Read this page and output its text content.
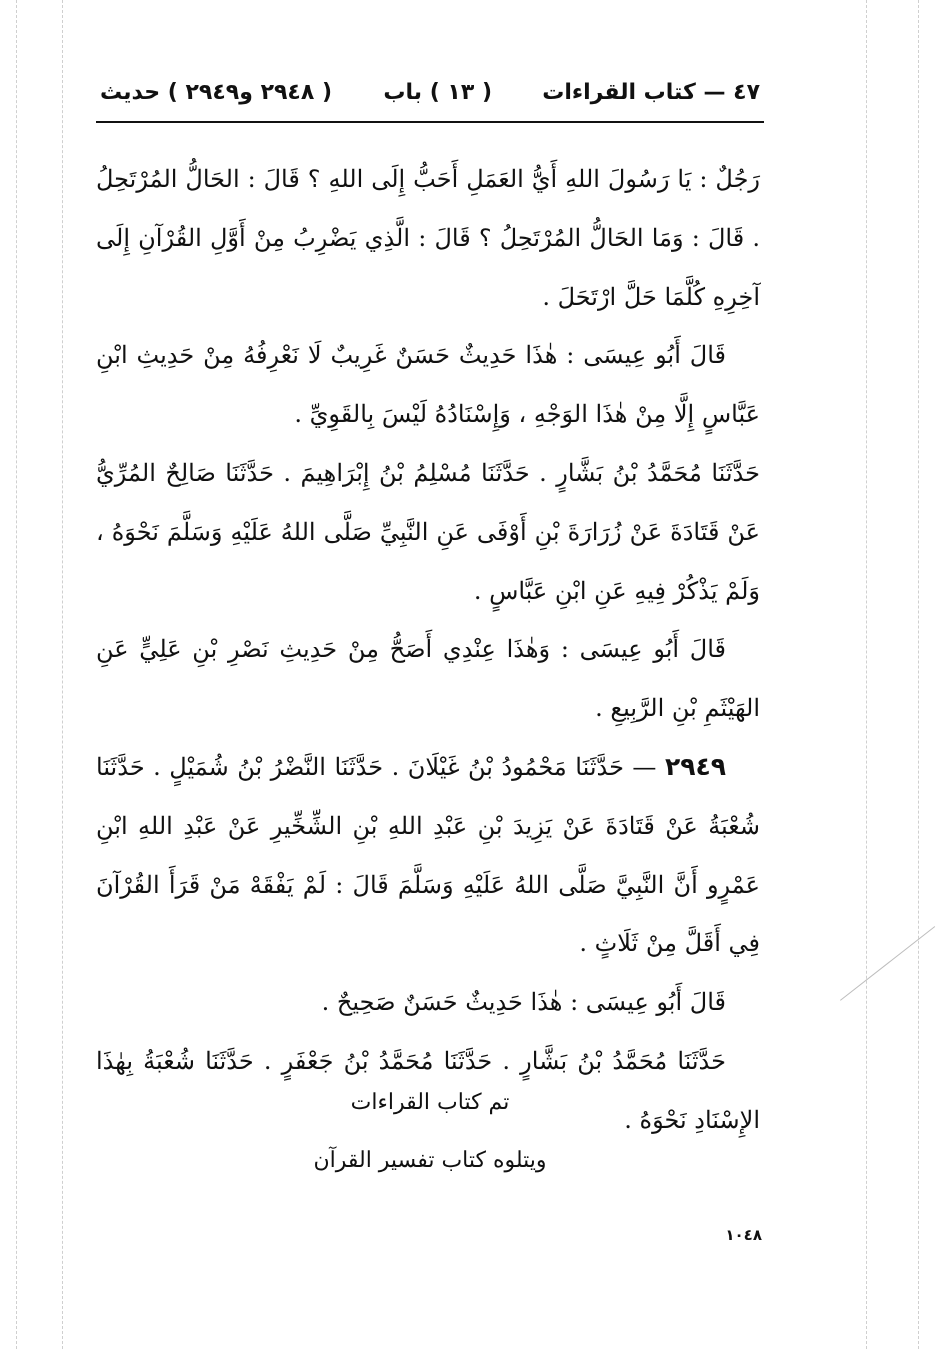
٤٧ — كتاب القراءات
( ١٣ ) باب
( ٢٩٤٨ و٢٩٤٩ ) حديث

رَجُلٌ : يَا رَسُولَ اللهِ أَيُّ العَمَلِ أَحَبُّ إِلَى اللهِ ؟ قَالَ : الحَالُّ المُرْتَحِلُ . قَالَ : وَمَا الحَالُّ المُرْتَحِلُ ؟ قَالَ : الَّذِي يَضْرِبُ مِنْ أَوَّلِ القُرْآنِ إِلَى آخِرِهِ كُلَّمَا حَلَّ ارْتَحَلَ .

قَالَ أَبُو عِيسَى : هٰذَا حَدِيثٌ حَسَنٌ غَرِيبٌ لَا نَعْرِفُهُ مِنْ حَدِيثِ ابْنِ عَبَّاسٍ إِلَّا مِنْ هٰذَا الوَجْهِ ، وَإِسْنَادُهُ لَيْسَ بِالقَوِيِّ .

حَدَّثَنَا مُحَمَّدُ بْنُ بَشَّارٍ . حَدَّثَنَا مُسْلِمُ بْنُ إِبْرَاهِيمَ . حَدَّثَنَا صَالِحٌ المُرِّيُّ عَنْ قَتَادَةَ عَنْ زُرَارَةَ بْنِ أَوْفَى عَنِ النَّبِيِّ صَلَّى اللهُ عَلَيْهِ وَسَلَّمَ نَحْوَهُ ، وَلَمْ يَذْكُرْ فِيهِ عَنِ ابْنِ عَبَّاسٍ .

قَالَ أَبُو عِيسَى : وَهٰذَا عِنْدِي أَصَحُّ مِنْ حَدِيثِ نَصْرِ بْنِ عَلِيٍّ عَنِ الهَيْثَمِ بْنِ الرَّبِيعِ .

٢٩٤٩ — حَدَّثَنَا مَحْمُودُ بْنُ غَيْلَانَ . حَدَّثَنَا النَّضْرُ بْنُ شُمَيْلٍ . حَدَّثَنَا شُعْبَةُ عَنْ قَتَادَةَ عَنْ يَزِيدَ بْنِ عَبْدِ اللهِ بْنِ الشِّخِّيرِ عَنْ عَبْدِ اللهِ ابْنِ عَمْرٍو أَنَّ النَّبِيَّ صَلَّى اللهُ عَلَيْهِ وَسَلَّمَ قَالَ : لَمْ يَفْقَهْ مَنْ قَرَأَ القُرْآنَ فِي أَقَلَّ مِنْ ثَلَاثٍ .

قَالَ أَبُو عِيسَى : هٰذَا حَدِيثٌ حَسَنٌ صَحِيحٌ .

حَدَّثَنَا مُحَمَّدُ بْنُ بَشَّارٍ . حَدَّثَنَا مُحَمَّدُ بْنُ جَعْفَرٍ . حَدَّثَنَا شُعْبَةُ بِهٰذَا الإِسْنَادِ نَحْوَهُ .

تم كتاب القراءات
ويتلوه كتاب تفسير القرآن
١٠٤٨
